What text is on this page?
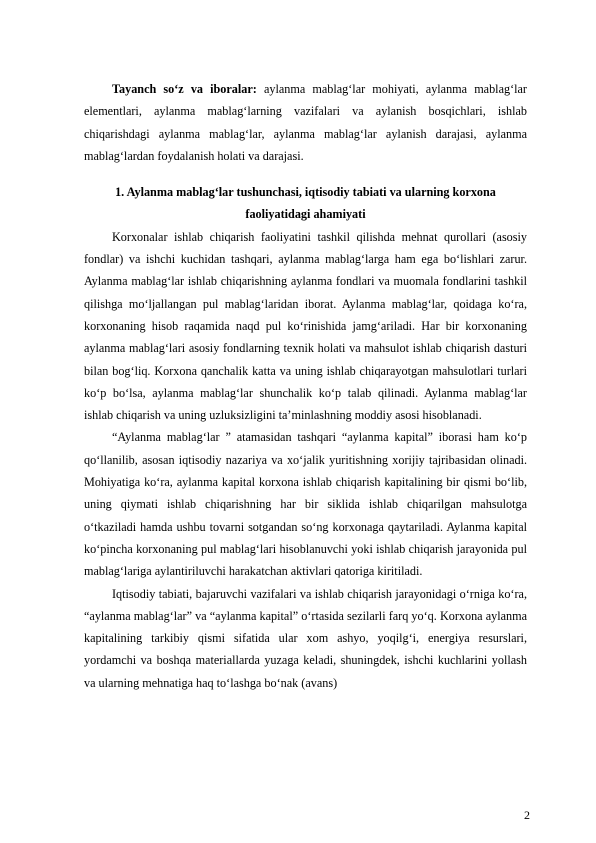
Tayanch so‘z va iboralar: aylanma mablag‘lar mohiyati, aylanma mablag‘lar elementlari, aylanma mablag‘larning vazifalari va aylanish bosqichlari, ishlab chiqarishdagi aylanma mablag‘lar, aylanma mablag‘lar aylanish darajasi, aylanma mablag‘lardan foydalanish holati va darajasi.

1. Aylanma mablag‘lar tushunchasi, iqtisodiy tabiati va ularning korxona

faoliyatidagi ahamiyati

Korxonalar ishlab chiqarish faoliyatini tashkil qilishda mehnat qurollari (asosiy fondlar) va ishchi kuchidan tashqari, aylanma mablag‘larga ham ega bo‘lishlari zarur. Aylanma mablag‘lar ishlab chiqarishning aylanma fondlari va muomala fondlarini tashkil qilishga mo‘ljallangan pul mablag‘laridan iborat. Aylanma mablag‘lar, qoidaga ko‘ra, korxonaning hisob raqamida naqd pul ko‘rinishida jamg‘ariladi. Har bir korxonaning aylanma mablag‘lari asosiy fondlarning texnik holati va mahsulot ishlab chiqarish dasturi bilan bog‘liq. Korxona qanchalik katta va uning ishlab chiqarayotgan mahsulotlari turlari ko‘p bo‘lsa, aylanma mablag‘lar shunchalik ko‘p talab qilinadi. Aylanma mablag‘lar ishlab chiqarish va uning uzluksizligini ta’minlashning moddiy asosi hisoblanadi.

“Aylanma mablag‘lar ” atamasidan tashqari “aylanma kapital” iborasi ham ko‘p qo‘llanilib, asosan iqtisodiy nazariya va xo‘jalik yuritishning xorijiy tajribasidan olinadi. Mohiyatiga ko‘ra, aylanma kapital korxona ishlab chiqarish kapitalining bir qismi bo‘lib, uning qiymati ishlab chiqarishning har bir siklida ishlab chiqarilgan mahsulotga o‘tkaziladi hamda ushbu tovarni sotgandan so‘ng korxonaga qaytariladi. Aylanma kapital ko‘pincha korxonaning pul mablag‘lari hisoblanuvchi yoki ishlab chiqarish jarayonida pul mablag‘lariga aylantiriluvchi harakatchan aktivlari qatoriga kiritiladi.

Iqtisodiy tabiati, bajaruvchi vazifalari va ishlab chiqarish jarayonidagi o‘rniga ko‘ra, “aylanma mablag‘lar” va “aylanma kapital” o‘rtasida sezilarli farq yo‘q. Korxona aylanma kapitalining tarkibiy qismi sifatida ular xom ashyo, yoqilg‘i, energiya resurslari, yordamchi va boshqa materiallarda yuzaga keladi, shuningdek, ishchi kuchlarini yollash va ularning mehnatiga haq to‘lashga bo‘nak (avans)

2
